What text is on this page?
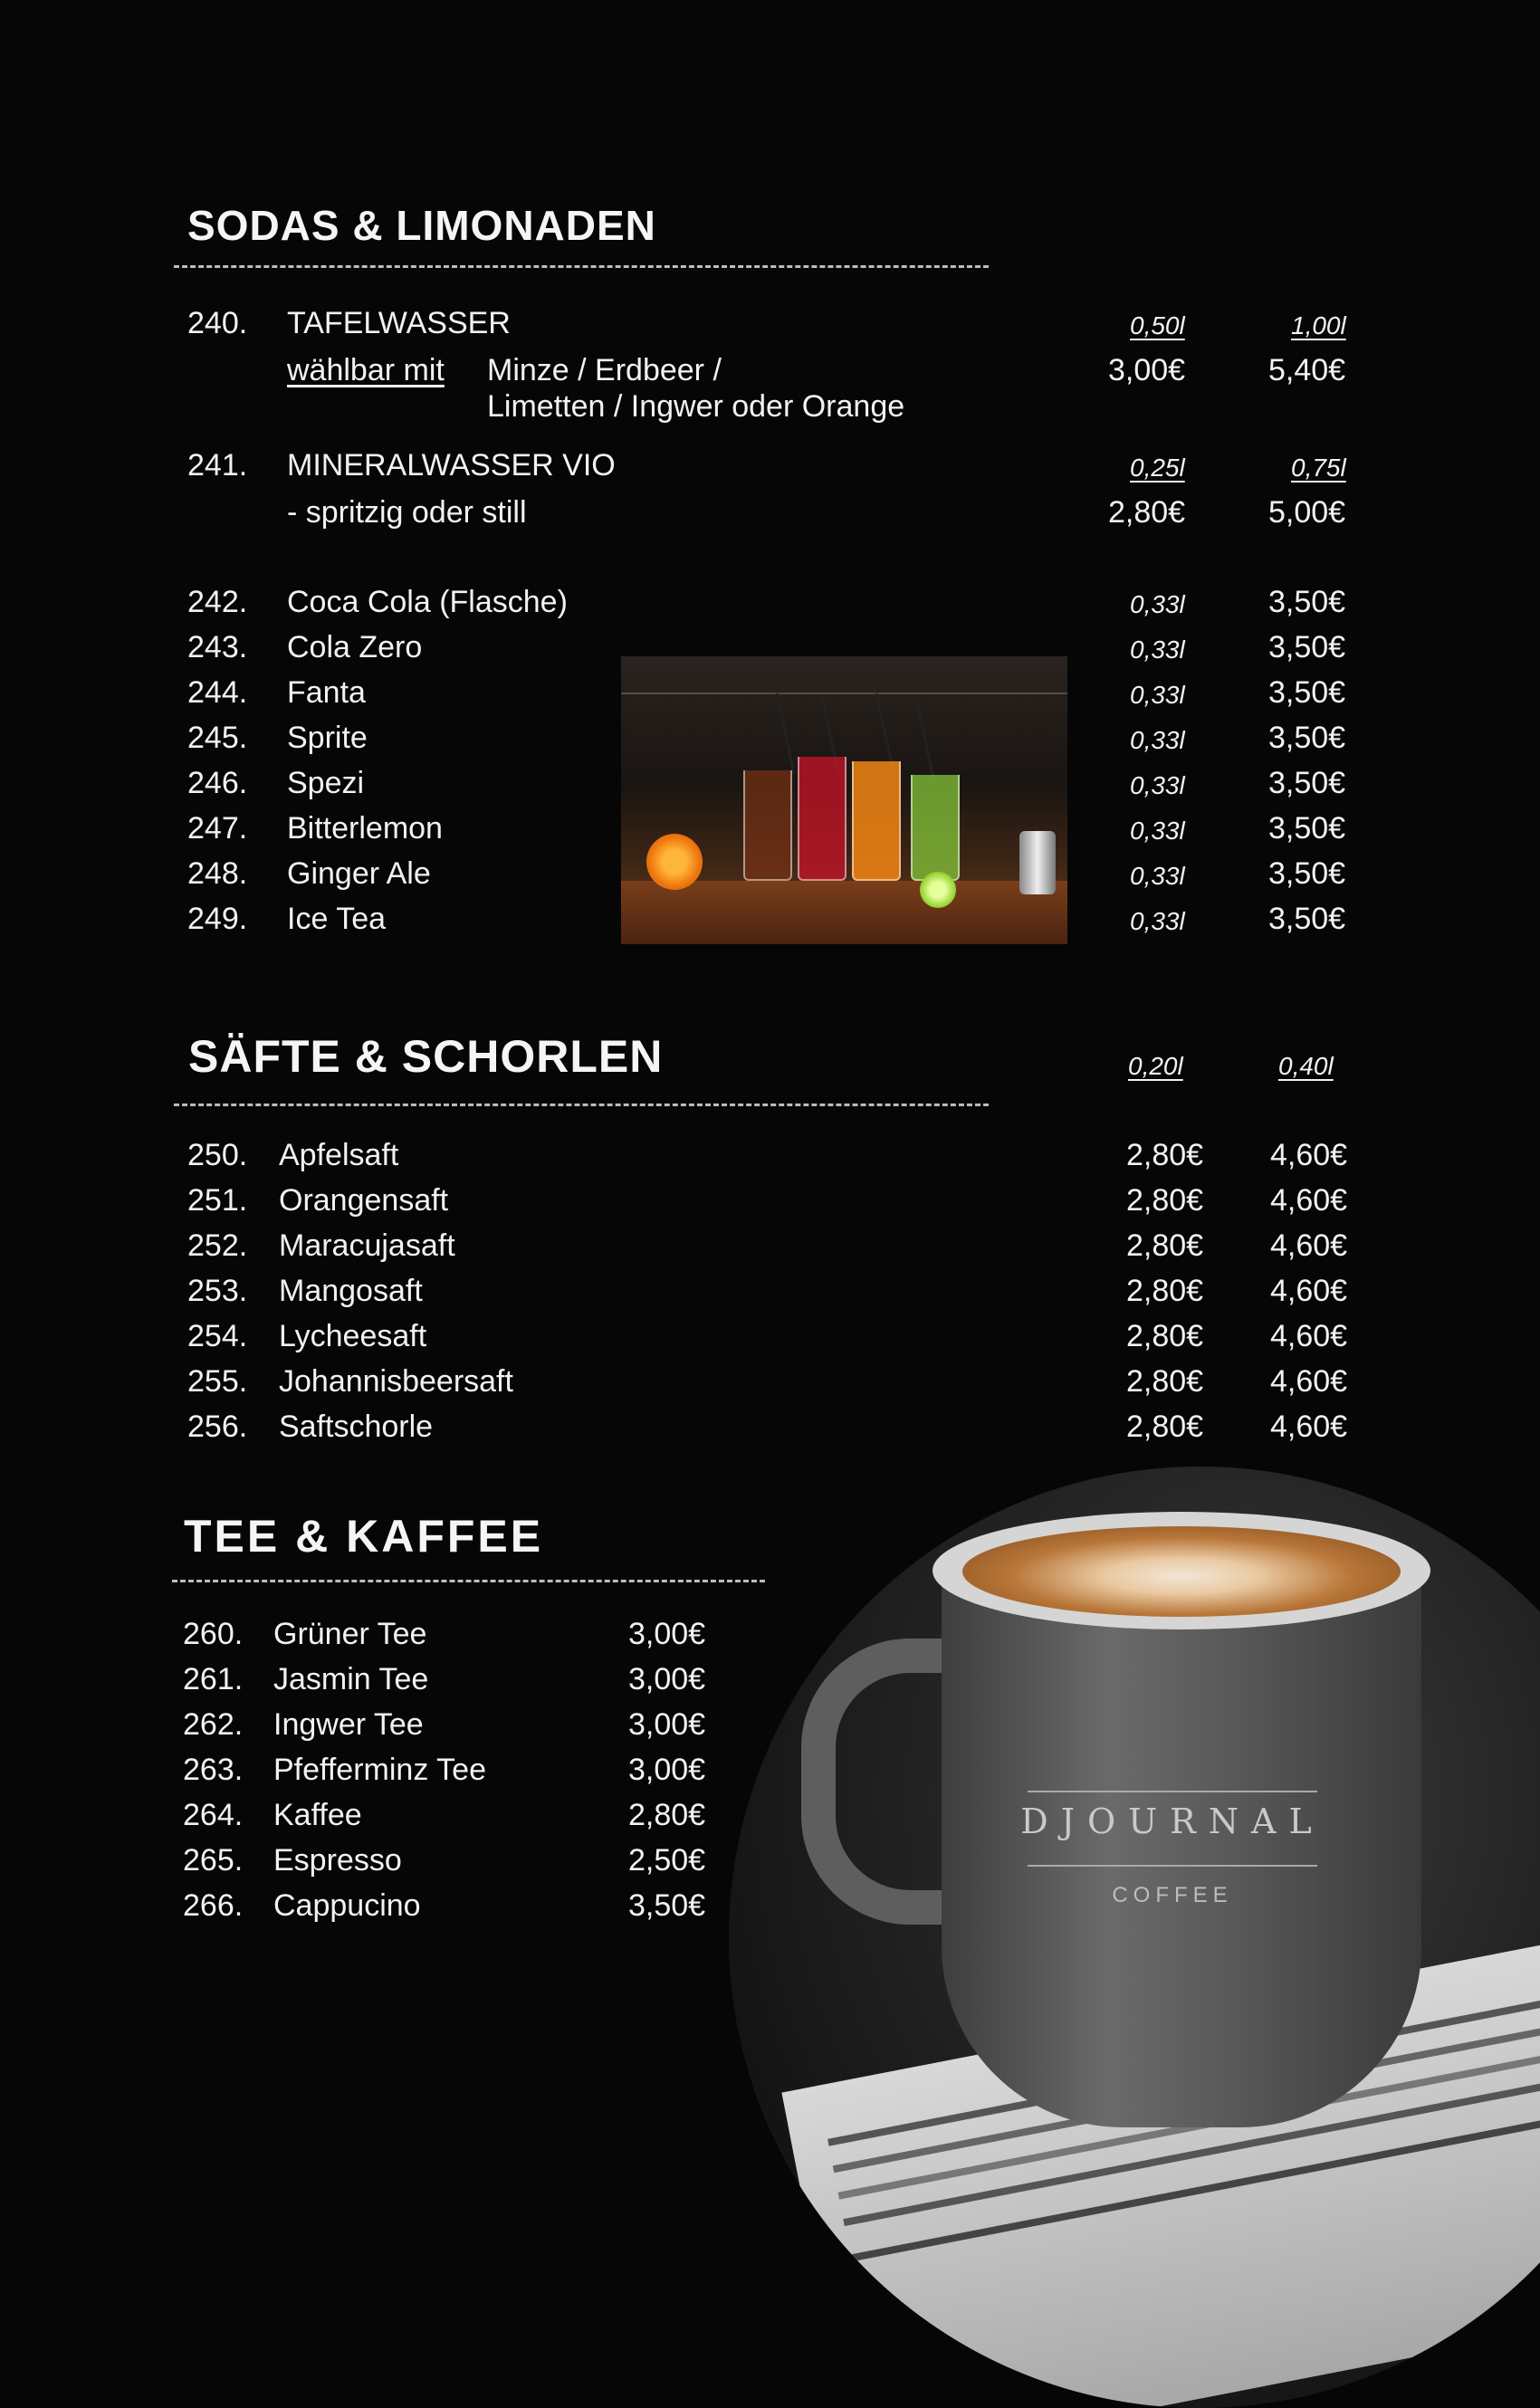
SODAS & LIMONADEN
240. TAFELWASSER	0,50l	1,00l
wählbar mit Minze / Erdbeer /
Limetten / Ingwer oder Orange
3,00€	5,40€
241. MINERALWASSER VIO	0,25l	0,75l
- spritzig oder still	2,80€	5,00€
242. Coca Cola (Flasche)	0,33l	3,50€
243. Cola Zero	0,33l	3,50€
244. Fanta	0,33l	3,50€
245. Sprite	0,33l	3,50€
246. Spezi	0,33l	3,50€
247. Bitterlemon	0,33l	3,50€
248. Ginger Ale	0,33l	3,50€
249. Ice Tea	0,33l	3,50€
SÄFTE & SCHORLEN	0,20l	0,40l
250. Apfelsaft	2,80€ 4,60€
251. Orangensaft	2,80€ 4,60€
252. Maracujasaft	2,80€ 4,60€
253. Mangosaft	2,80€ 4,60€
254. Lycheesaft	2,80€ 4,60€
255. Johannisbeersaft	2,80€ 4,60€
256. Saftschorle	2,80€ 4,60€
DJOURNAL
COFFEE
TEE & KAFFEE
260. Grüner Tee	3,00€
261. Jasmin Tee	3,00€
262. Ingwer Tee	3,00€
263. Pfefferminz Tee	3,00€
264. Kaffee	2,80€
265. Espresso	2,50€
266. Cappucino	3,50€
